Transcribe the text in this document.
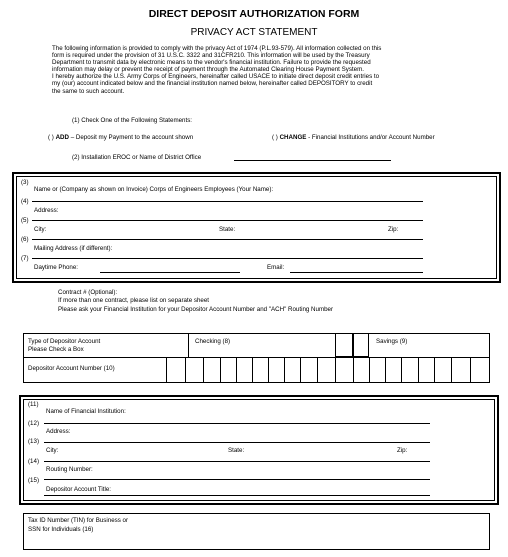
DIRECT DEPOSIT AUTHORIZATION FORM
PRIVACY ACT STATEMENT
The following information is provided to comply with the privacy Act of 1974 (P.L.93-579). All information collected on this
form is required under the provision of 31 U.S.C. 3322 and 31CFR210. This information will be used by the Treasury
Department to transmit data by electronic means to the vendor's financial institution. Failure to provide the requested
information may delay or prevent the receipt of payment through the Automated Clearing House Payment System.
I hereby authorize the U.S. Army Corps of Engineers, hereinafter called USACE to initiate direct deposit credit entries to
my (our) account indicated below and the financial institution named below, hereinafter called DEPOSITORY to credit
the same to such account.
(1) Check One of the Following Statements:
( ) ADD – Deposit my Payment to the account shown	( ) CHANGE - Financial Institutions and/or Account Number
(2) Installation EROC or Name of District Office
(3)
Name or (Company as shown on Invoice) Corps of Engineers Employees (Your Name):
(4)
Address:
(5)
City:	State:	Zip:
(6)
Mailing Address (if different):
(7)
Daytime Phone:	Email:
Contract # (Optional):
If more than one contract, please list on separate sheet
Please ask your Financial Institution for your Depositor Account Number and "ACH" Routing Number
Type of Depositor Account
Please Check a Box
Checking (8)	Savings (9)
Depositor Account Number (10)
(11)
Name of Financial Institution:
(12)
Address:
(13)
City:	State:	Zip:
(14)
Routing Number:
(15)
Depositor Account Title:
Tax ID Number (TIN) for Business or
SSN for Individuals (16)
